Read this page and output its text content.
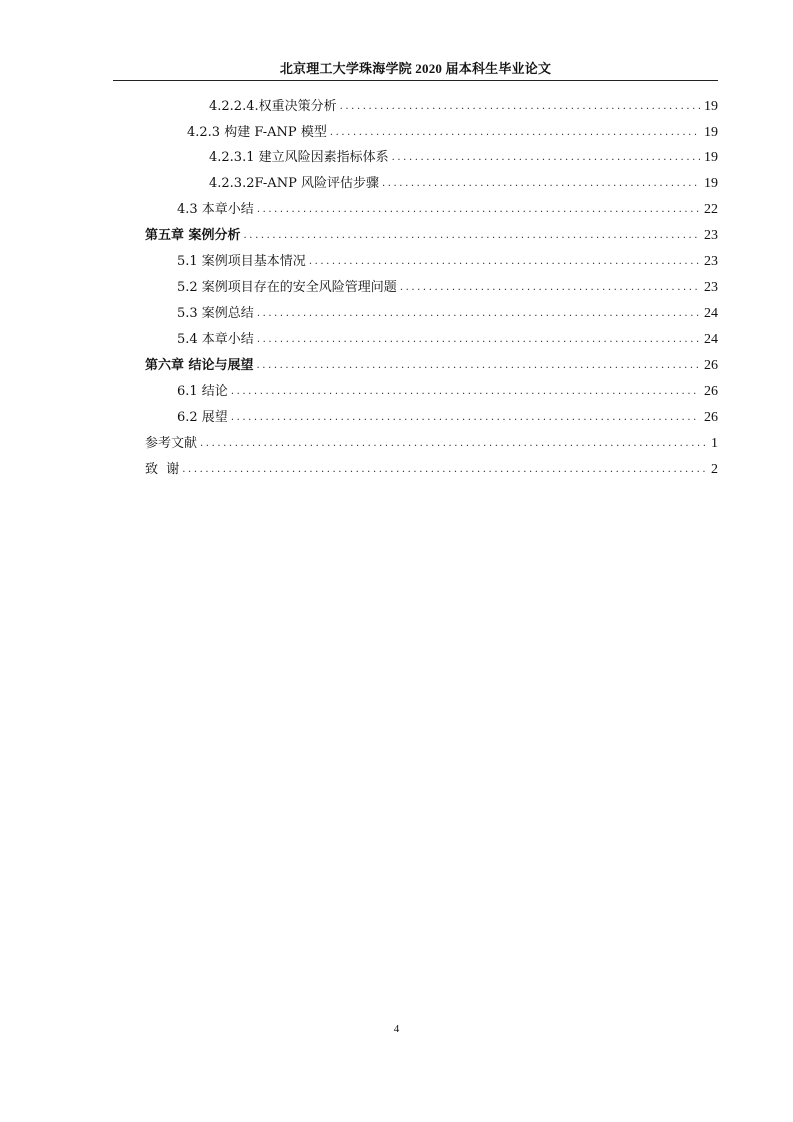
北京理工大学珠海学院 2020 届本科生毕业论文
4.2.2.4.权重决策分析 .....	19
4.2.3 构建 F-ANP 模型 .....	19
4.2.3.1 建立风险因素指标体系 .....	19
4.2.3.2F-ANP 风险评估步骤 .....	19
4.3 本章小结 .....	22
第五章 案例分析 .....	23
5.1 案例项目基本情况 .....	23
5.2 案例项目存在的安全风险管理问题 .....	23
5.3 案例总结 .....	24
5.4 本章小结 .....	24
第六章 结论与展望 .....	26
6.1 结论 .....	26
6.2 展望 .....	26
参考文献 .....	1
致  谢 .....	2
4
